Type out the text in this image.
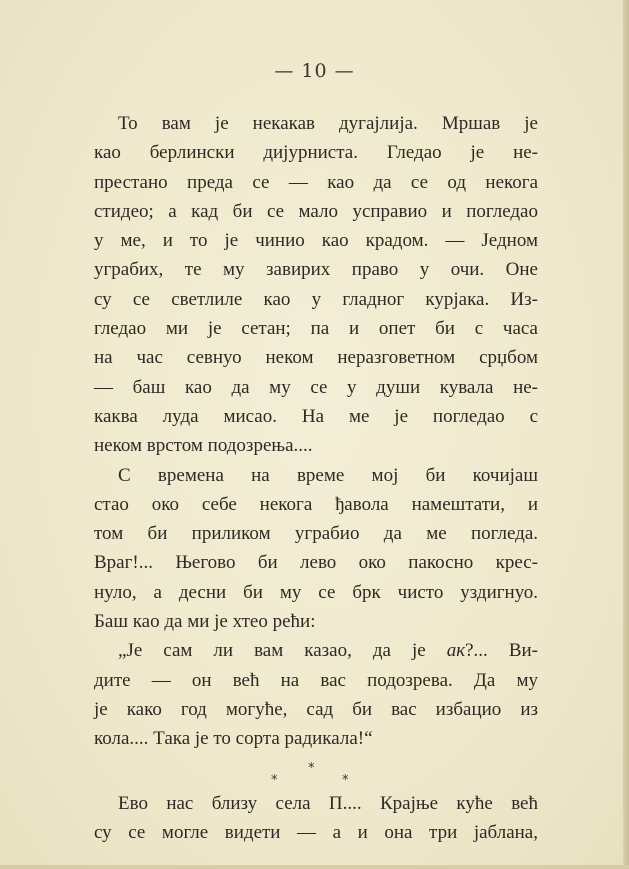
— 10 —
То вам је некакав дугајлија. Мршав је
као берлински дијурниста. Гледао је не-
престано преда се — као да се од некога
стидео; а кад би се мало усправио и погледао
у ме, и то је чинио као крадом. — Једном
уграбих, те му завирих право у очи. Оне
су се светлиле као у гладног курјака. Из-
гледао ми је сетан; па и опет би с часа
на час севнуо неком неразговетном срџбом
— баш као да му се у души кувала не-
каква луда мисао. На ме је погледао с
неком врстом подозрења....
С времена на време мој би кочијаш
стао око себе некога ђавола намештати, и
том би приликом уграбио да ме погледа.
Враг!... Његово би лево око пакосно крес-
нуло, а десни би му се брк чисто уздигнуо.
Баш као да ми је хтео рећи:
„Је сам ли вам казао, да је ак?... Ви-
дите — он већ на вас подозрева. Да му
је како год могуће, сад би вас избацио из
кола.... Така је то сорта радикала!“
*
*	*
Ево нас близу села П.... Крајње куће већ
су се могле видети — а и она три јаблана,
